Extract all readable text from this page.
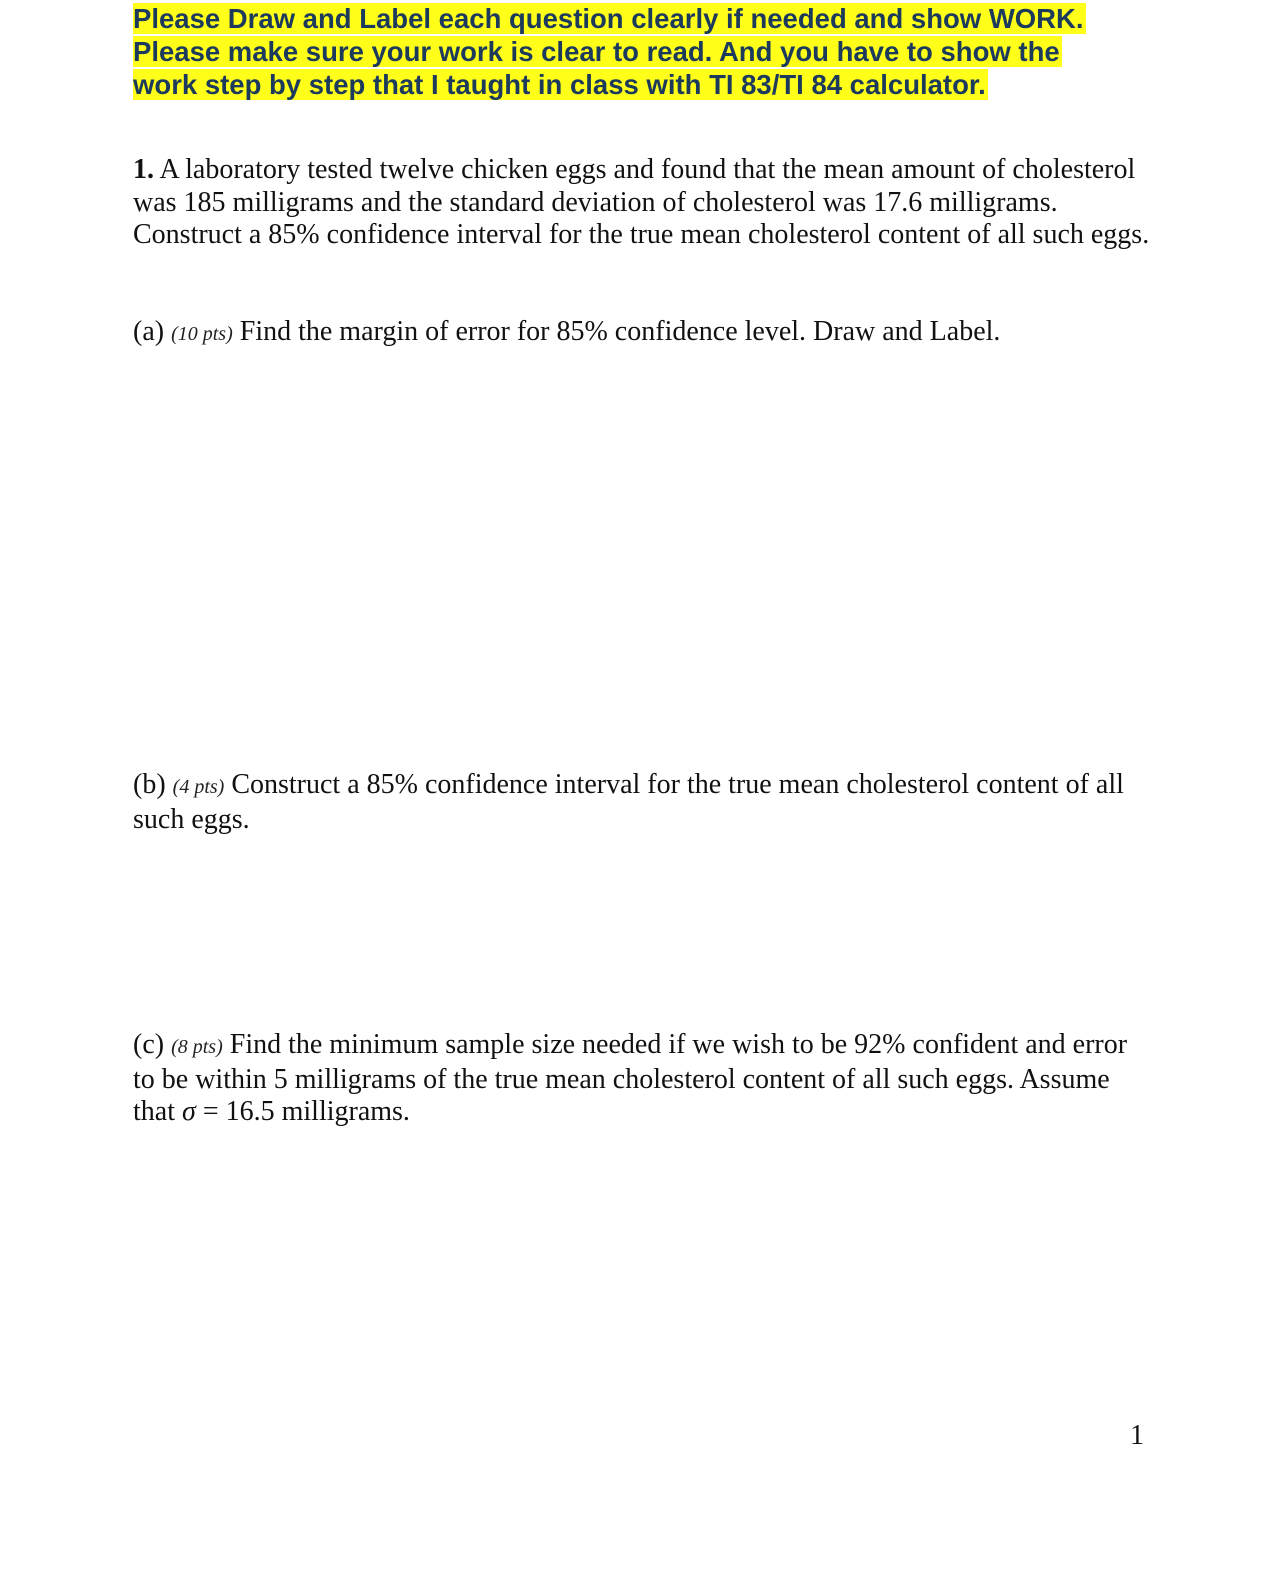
Please Draw and Label each question clearly if needed and show WORK.
Please make sure your work is clear to read. And you have to show the
work step by step that I taught in class with TI 83/TI 84 calculator.
1. A laboratory tested twelve chicken eggs and found that the mean amount of cholesterol was 185 milligrams and the standard deviation of cholesterol was 17.6 milligrams. Construct a 85% confidence interval for the true mean cholesterol content of all such eggs.
(a) (10 pts) Find the margin of error for 85% confidence level. Draw and Label.
(b) (4 pts) Construct a 85% confidence interval for the true mean cholesterol content of all such eggs.
(c) (8 pts) Find the minimum sample size needed if we wish to be 92% confident and error to be within 5 milligrams of the true mean cholesterol content of all such eggs. Assume that σ = 16.5 milligrams.
1
